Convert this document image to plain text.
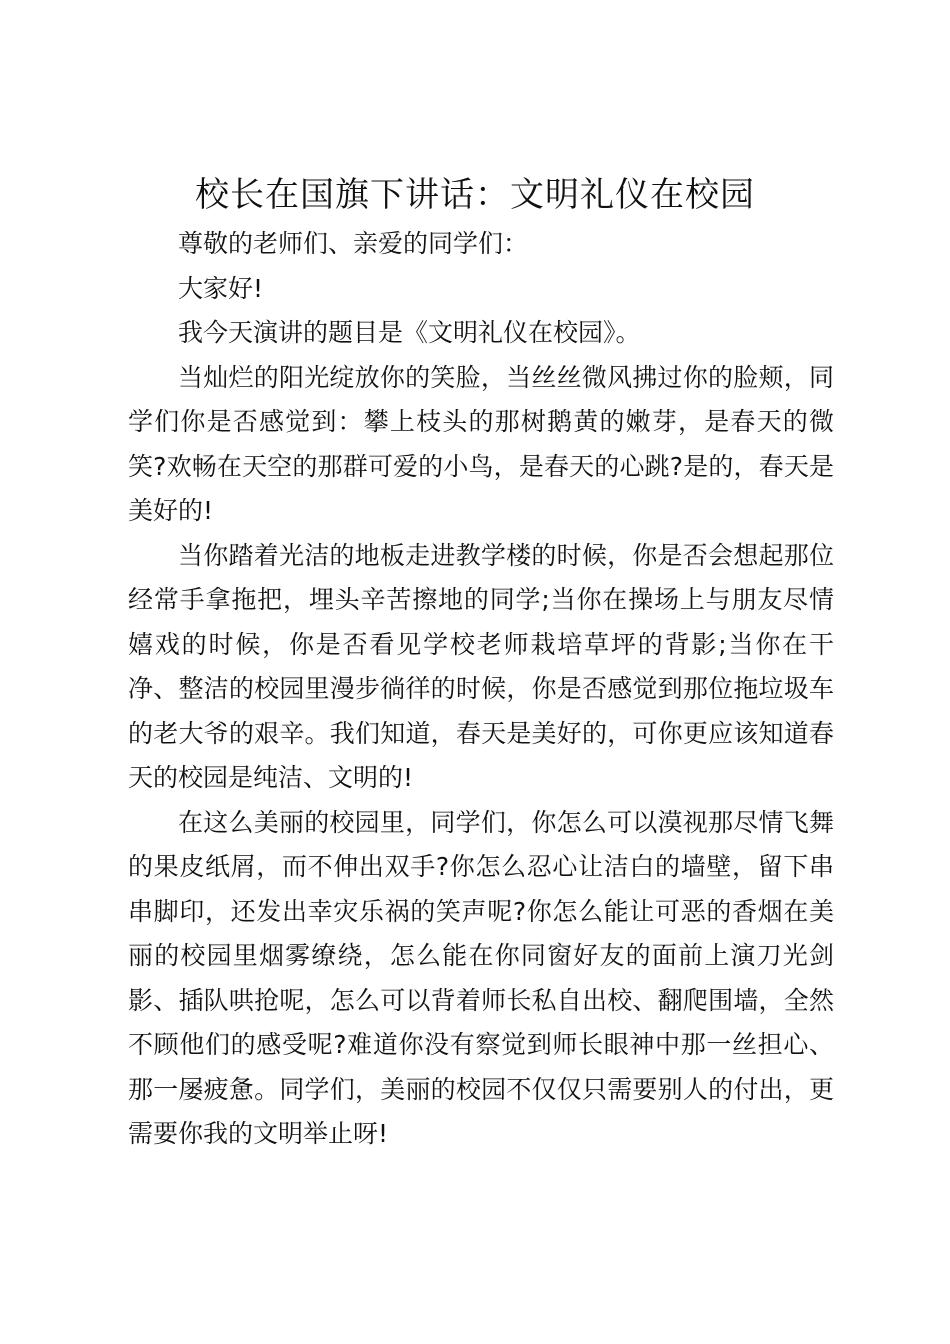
校长在国旗下讲话：文明礼仪在校园

尊敬的老师们、亲爱的同学们：

大家好!

我今天演讲的题目是《文明礼仪在校园》。

当灿烂的阳光绽放你的笑脸，当丝丝微风拂过你的脸颊，同学们你是否感觉到：攀上枝头的那树鹅黄的嫩芽，是春天的微笑?欢畅在天空的那群可爱的小鸟，是春天的心跳?是的，春天是美好的!

当你踏着光洁的地板走进教学楼的时候，你是否会想起那位经常手拿拖把，埋头辛苦擦地的同学;当你在操场上与朋友尽情嬉戏的时候，你是否看见学校老师栽培草坪的背影;当你在干净、整洁的校园里漫步徜徉的时候，你是否感觉到那位拖垃圾车的老大爷的艰辛。我们知道，春天是美好的，可你更应该知道春天的校园是纯洁、文明的!

在这么美丽的校园里，同学们，你怎么可以漠视那尽情飞舞的果皮纸屑，而不伸出双手?你怎么忍心让洁白的墙壁，留下串串脚印，还发出幸灾乐祸的笑声呢?你怎么能让可恶的香烟在美丽的校园里烟雾缭绕，怎么能在你同窗好友的面前上演刀光剑影、插队哄抢呢，怎么可以背着师长私自出校、翻爬围墙，全然不顾他们的感受呢?难道你没有察觉到师长眼神中那一丝担心、那一屡疲惫。同学们，美丽的校园不仅仅只需要别人的付出，更需要你我的文明举止呀!
